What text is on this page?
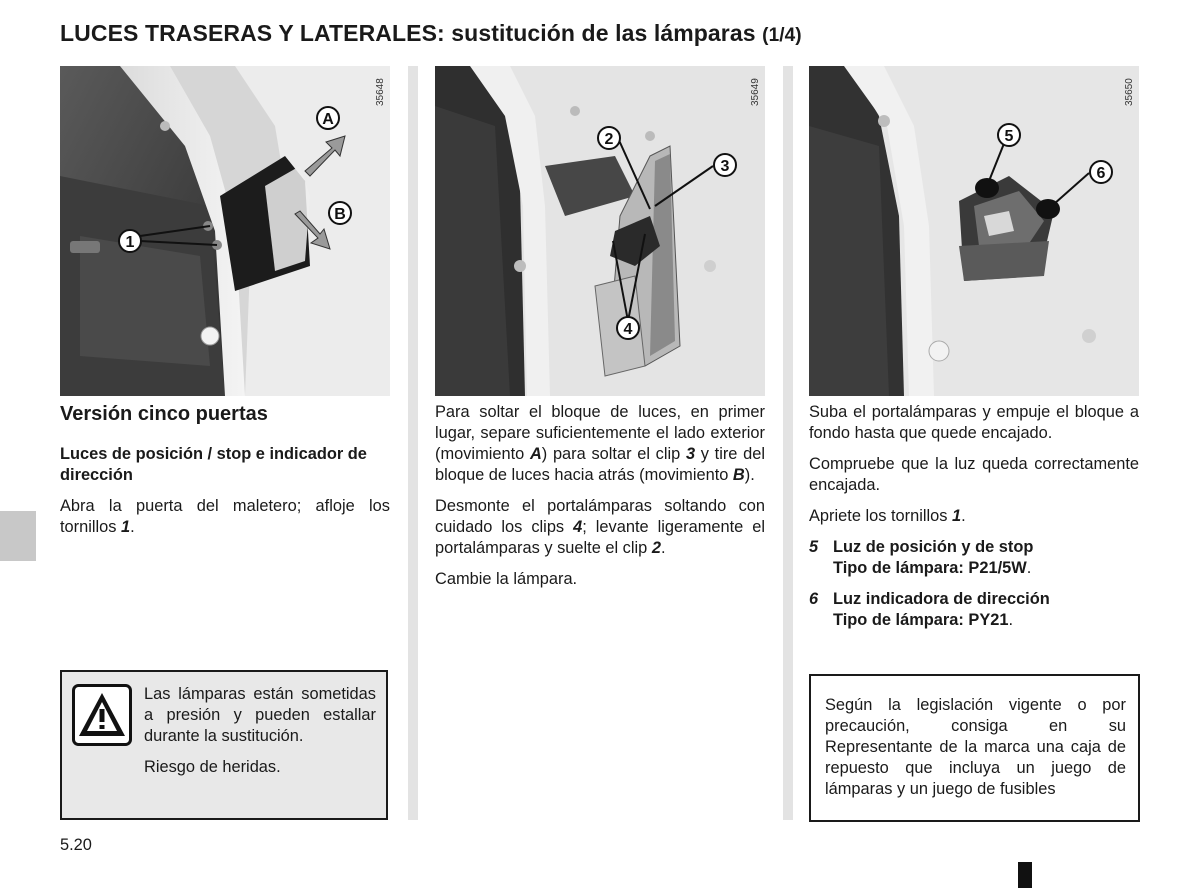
LUCES TRASERAS Y LATERALES: sustitución de las lámparas (1/4)
1
A
B
35648
2
3
4
35649
5
6
35650
Versión cinco puertas

Luces de posición / stop e indicador de dirección

Abra la puerta del maletero; afloje los tornillos 1.

Las lámparas están sometidas a presión y pueden estallar durante la sustitución.

Riesgo de heridas.

Para soltar el bloque de luces, en primer lugar, separe suficientemente el lado exterior (movimiento A) para soltar el clip 3 y tire del bloque de luces hacia atrás (movimiento B).

Desmonte el portalámparas soltando con cuidado los clips 4; levante ligeramente el portalámparas y suelte el clip 2.

Cambie la lámpara.

Suba el portalámparas y empuje el bloque a fondo hasta que quede encajado.

Compruebe que la luz queda correctamente encajada.

Apriete los tornillos 1.

5 Luz de posición y de stop
Tipo de lámpara: P21/5W.
6 Luz indicadora de dirección
Tipo de lámpara: PY21.
Según la legislación vigente o por precaución, consiga en su Representante de la marca una caja de repuesto que incluya un juego de lámparas y un juego de fusibles
5.20
